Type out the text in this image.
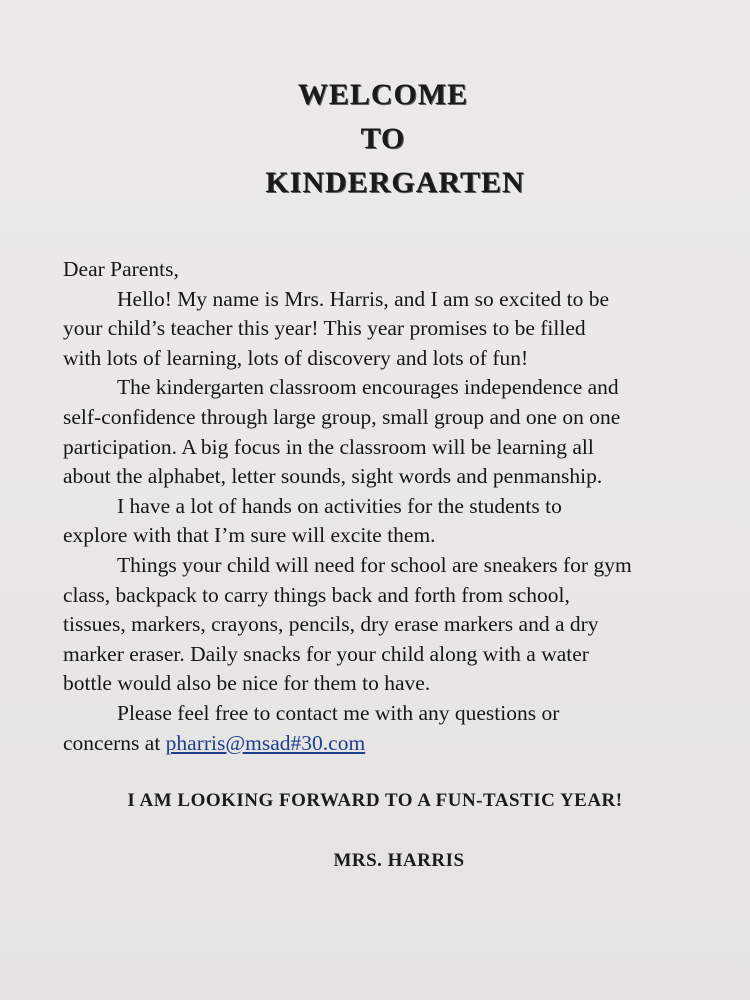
WELCOME
TO
KINDERGARTEN
Dear Parents,
Hello! My name is Mrs. Harris, and I am so excited to be
your child’s teacher this year! This year promises to be filled
with lots of learning, lots of discovery and lots of fun!
The kindergarten classroom encourages independence and
self-confidence through large group, small group and one on one
participation. A big focus in the classroom will be learning all
about the alphabet, letter sounds, sight words and penmanship.
I have a lot of hands on activities for the students to
explore with that I’m sure will excite them.
Things your child will need for school are sneakers for gym
class, backpack to carry things back and forth from school,
tissues, markers, crayons, pencils, dry erase markers and a dry
marker eraser. Daily snacks for your child along with a water
bottle would also be nice for them to have.
Please feel free to contact me with any questions or
concerns at pharris@msad#30.com
I AM LOOKING FORWARD TO A FUN-TASTIC YEAR!
MRS. HARRIS
